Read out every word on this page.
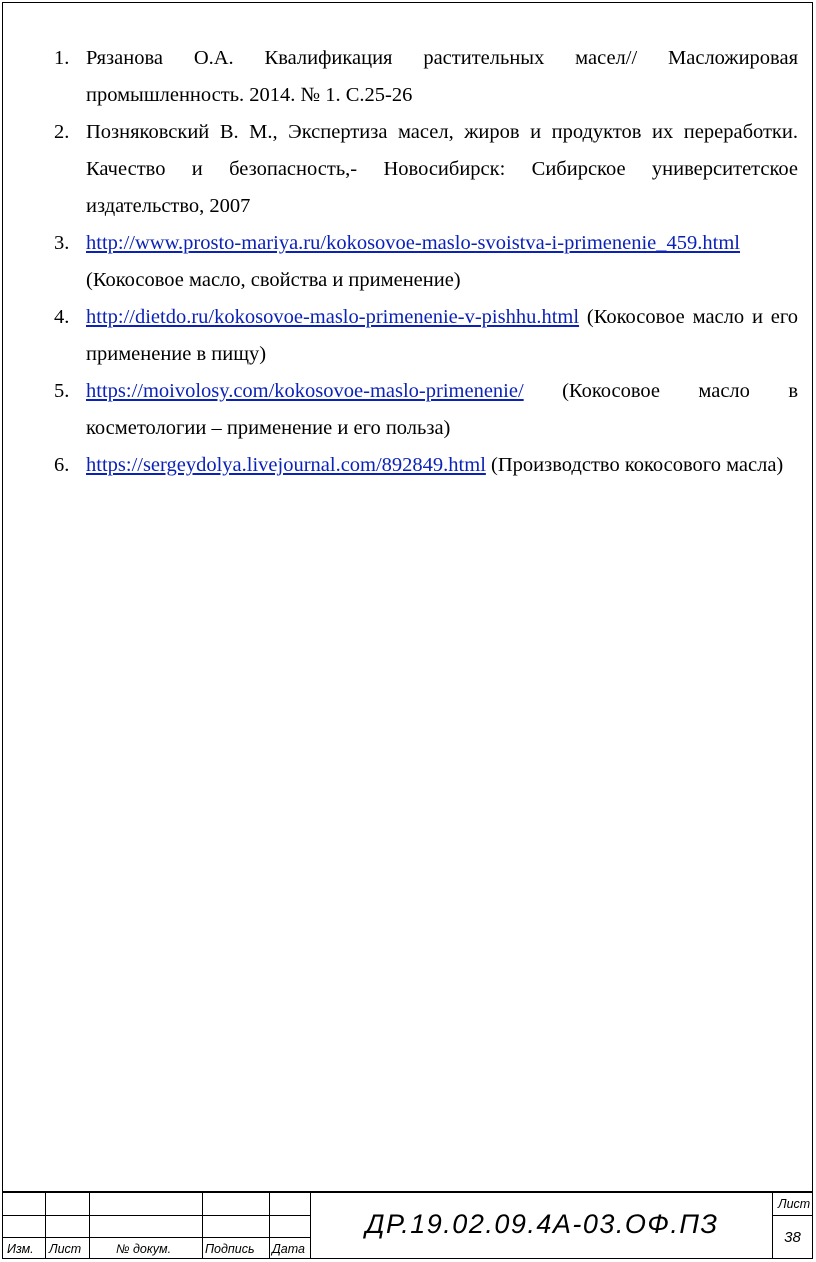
1. Рязанова О.А. Квалификация растительных масел// Масложировая промышленность. 2014. № 1. С.25-26
2. Позняковский В. М., Экспертиза масел, жиров и продуктов их переработки. Качество и безопасность,- Новосибирск: Сибирское университетское издательство, 2007
3. http://www.prosto-mariya.ru/kokosovoe-maslo-svoistva-i-primenenie_459.html (Кокосовое масло, свойства и применение)
4. http://dietdo.ru/kokosovoe-maslo-primenenie-v-pishhu.html (Кокосовое масло и его применение в пищу)
5. https://moivolosy.com/kokosovoe-maslo-primenenie/ (Кокосовое масло в косметологии – применение и его польза)
6. https://sergeydolya.livejournal.com/892849.html (Производство кокосового масла)
Изм. Лист	№ докум.	Подпись Дата
ДР.19.02.09.4А-03.ОФ.ПЗ
Лист
38
